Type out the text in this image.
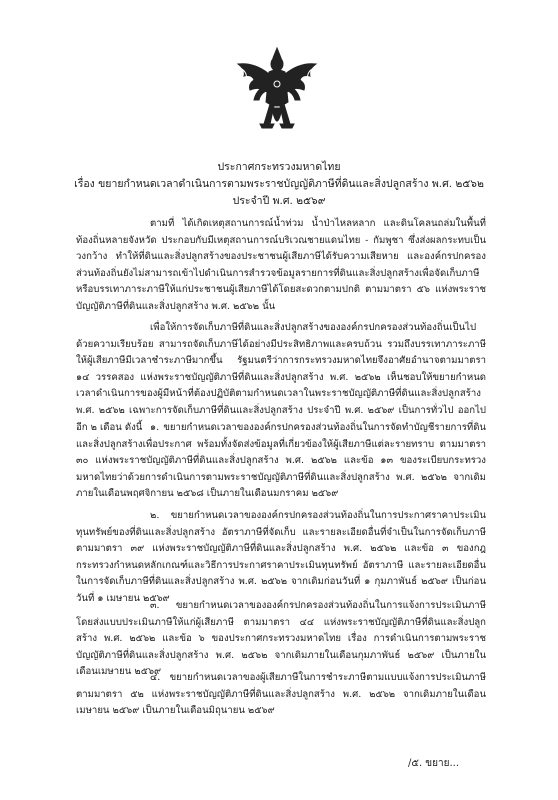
ประกาศกระทรวงมหาดไทย
เรื่อง ขยายกำหนดเวลาดำเนินการตามพระราชบัญญัติภาษีที่ดินและสิ่งปลูกสร้าง พ.ศ. ๒๕๖๒
ประจำปี พ.ศ. ๒๕๖๙

ตามที่ ได้เกิดเหตุสถานการณ์น้ำท่วม น้ำป่าไหลหลาก และดินโคลนถล่มในพื้นที่ท้องถิ่นหลายจังหวัด ประกอบกับมีเหตุสถานการณ์บริเวณชายแดนไทย - กัมพูชา ซึ่งส่งผลกระทบเป็นวงกว้าง ทำให้ที่ดินและสิ่งปลูกสร้างของประชาชนผู้เสียภาษีได้รับความเสียหาย และองค์กรปกครองส่วนท้องถิ่นยังไม่สามารถเข้าไปดำเนินการสำรวจข้อมูลรายการที่ดินและสิ่งปลูกสร้างเพื่อจัดเก็บภาษีหรือบรรเทาภาระภาษีให้แก่ประชาชนผู้เสียภาษีได้โดยสะดวกตามปกติ ตามมาตรา ๕๖ แห่งพระราชบัญญัติภาษีที่ดินและสิ่งปลูกสร้าง พ.ศ. ๒๕๖๒ นั้น

เพื่อให้การจัดเก็บภาษีที่ดินและสิ่งปลูกสร้างขององค์กรปกครองส่วนท้องถิ่นเป็นไปด้วยความเรียบร้อย สามารถจัดเก็บภาษีได้อย่างมีประสิทธิภาพและครบถ้วน รวมถึงบรรเทาภาระภาษีให้ผู้เสียภาษีมีเวลาชำระภาษีมากขึ้น รัฐมนตรีว่าการกระทรวงมหาดไทยจึงอาศัยอำนาจตามมาตรา ๑๔ วรรคสอง แห่งพระราชบัญญัติภาษีที่ดินและสิ่งปลูกสร้าง พ.ศ. ๒๕๖๒ เห็นชอบให้ขยายกำหนดเวลาดำเนินการของผู้มีหน้าที่ต้องปฏิบัติตามกำหนดเวลาในพระราชบัญญัติภาษีที่ดินและสิ่งปลูกสร้าง พ.ศ. ๒๕๖๒ เฉพาะการจัดเก็บภาษีที่ดินและสิ่งปลูกสร้าง ประจำปี พ.ศ. ๒๕๖๙ เป็นการทั่วไป ออกไปอีก ๒ เดือน ดังนี้ ๑. ขยายกำหนดเวลาขององค์กรปกครองส่วนท้องถิ่นในการจัดทำบัญชีรายการที่ดินและสิ่งปลูกสร้างเพื่อประกาศ พร้อมทั้งจัดส่งข้อมูลที่เกี่ยวข้องให้ผู้เสียภาษีแต่ละรายทราบ ตามมาตรา ๓๐ แห่งพระราชบัญญัติภาษีที่ดินและสิ่งปลูกสร้าง พ.ศ. ๒๕๖๒ และข้อ ๑๓ ของระเบียบกระทรวงมหาดไทยว่าด้วยการดำเนินการตามพระราชบัญญัติภาษีที่ดินและสิ่งปลูกสร้าง พ.ศ. ๒๕๖๒ จากเดิมภายในเดือนพฤศจิกายน ๒๕๖๘ เป็นภายในเดือนมกราคม ๒๕๖๙

๒. ขยายกำหนดเวลาขององค์กรปกครองส่วนท้องถิ่นในการประกาศราคาประเมินทุนทรัพย์ของที่ดินและสิ่งปลูกสร้าง อัตราภาษีที่จัดเก็บ และรายละเอียดอื่นที่จำเป็นในการจัดเก็บภาษี ตามมาตรา ๓๙ แห่งพระราชบัญญัติภาษีที่ดินและสิ่งปลูกสร้าง พ.ศ. ๒๕๖๒ และข้อ ๓ ของกฎกระทรวงกำหนดหลักเกณฑ์และวิธีการประกาศราคาประเมินทุนทรัพย์ อัตราภาษี และรายละเอียดอื่นในการจัดเก็บภาษีที่ดินและสิ่งปลูกสร้าง พ.ศ. ๒๕๖๒ จากเดิมก่อนวันที่ ๑ กุมภาพันธ์ ๒๕๖๙ เป็นก่อนวันที่ ๑ เมษายน ๒๕๖๙

๓. ขยายกำหนดเวลาขององค์กรปกครองส่วนท้องถิ่นในการแจ้งการประเมินภาษี โดยส่งแบบประเมินภาษีให้แก่ผู้เสียภาษี ตามมาตรา ๔๔ แห่งพระราชบัญญัติภาษีที่ดินและสิ่งปลูกสร้าง พ.ศ. ๒๕๖๒ และข้อ ๖ ของประกาศกระทรวงมหาดไทย เรื่อง การดำเนินการตามพระราชบัญญัติภาษีที่ดินและสิ่งปลูกสร้าง พ.ศ. ๒๕๖๒ จากเดิมภายในเดือนกุมภาพันธ์ ๒๕๖๙ เป็นภายในเดือนเมษายน ๒๕๖๙

๔. ขยายกำหนดเวลาของผู้เสียภาษีในการชำระภาษีตามแบบแจ้งการประเมินภาษี ตามมาตรา ๕๒ แห่งพระราชบัญญัติภาษีที่ดินและสิ่งปลูกสร้าง พ.ศ. ๒๕๖๒ จากเดิมภายในเดือนเมษายน ๒๕๖๙ เป็นภายในเดือนมิถุนายน ๒๕๖๙

/๕. ขยาย...
